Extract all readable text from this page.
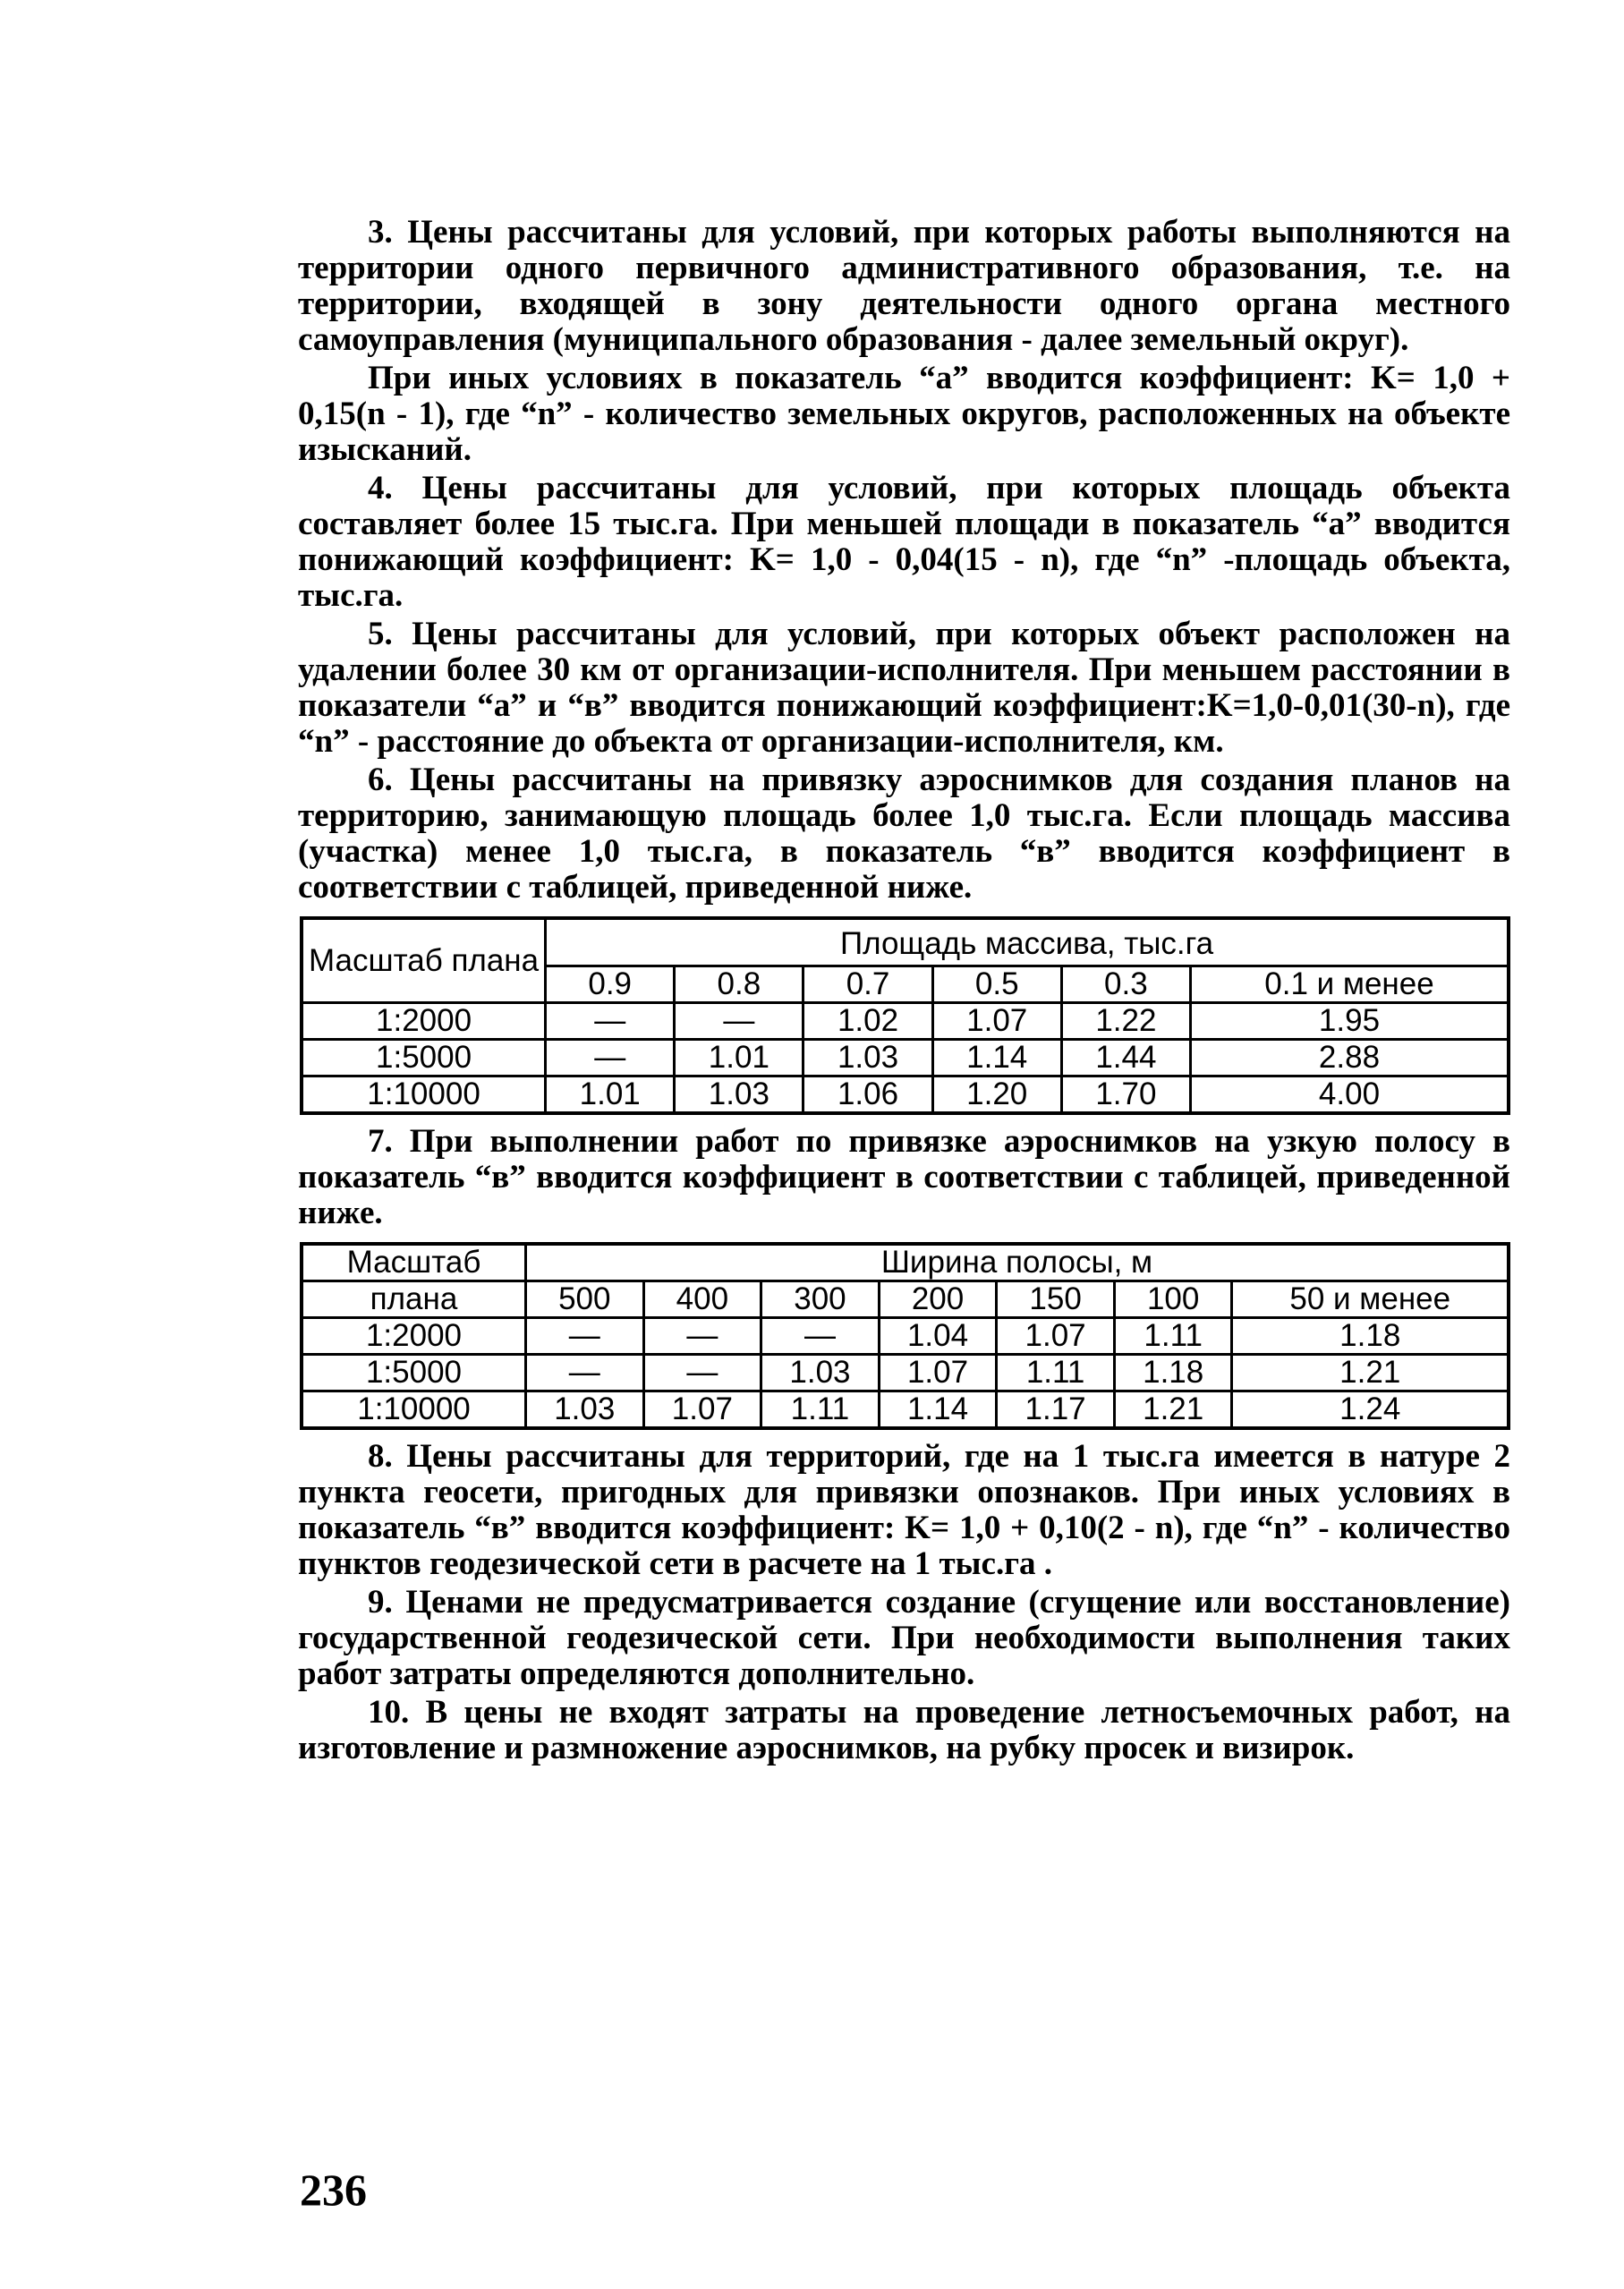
3. Цены рассчитаны для условий, при которых работы выполняются на территории одного первичного административного образования, т.е. на территории, входящей в зону деятельности одного органа местного самоуправления (муниципального образования - далее земельный округ).

При иных условиях в показатель “а” вводится коэффициент: K= 1,0 + 0,15(n - 1), где “n” - количество земельных округов, расположенных на объекте изысканий.

4. Цены рассчитаны для условий, при которых площадь объекта составляет более 15 тыс.га. При меньшей площади в показатель “а” вводится понижающий коэффициент: K= 1,0 - 0,04(15 - n), где “n” -площадь объекта, тыс.га.

5. Цены рассчитаны для условий, при которых объект расположен на удалении более 30 км от организации-исполнителя. При меньшем расстоянии в показатели “а” и “в” вводится понижающий коэффициент:K=1,0-0,01(30-n), где “n” - расстояние до объекта от организации-исполнителя, км.

6. Цены рассчитаны на привязку аэроснимков для создания планов на территорию, занимающую площадь более 1,0 тыс.га. Если площадь массива (участка) менее 1,0 тыс.га, в показатель “в” вводится коэффициент в соответствии с таблицей, приведенной ниже.

Масштаб плана	Площадь массива, тыс.га					
	0.9	0.8	0.7	0.5	0.3	0.1 и менее
1:2000	—	—	1.02	1.07	1.22	1.95
1:5000	—	1.01	1.03	1.14	1.44	2.88
1:10000	1.01	1.03	1.06	1.20	1.70	4.00

7. При выполнении работ по привязке аэроснимков на узкую полосу в показатель “в” вводится коэффициент в соответствии с таблицей, приведенной ниже.

Масштаб	Ширина полосы, м						
плана	500	400	300	200	150	100	50 и менее
1:2000	—	—	—	1.04	1.07	1.11	1.18
1:5000	—	—	1.03	1.07	1.11	1.18	1.21
1:10000	1.03	1.07	1.11	1.14	1.17	1.21	1.24

8. Цены рассчитаны для территорий, где на 1 тыс.га имеется в натуре 2 пункта геосети, пригодных для привязки опознаков. При иных условиях в показатель “в” вводится коэффициент: K= 1,0 + 0,10(2 - n), где “n” - количество пунктов геодезической сети в расчете на 1 тыс.га .

9. Ценами не предусматривается создание (сгущение или восстановление) государственной геодезической сети. При необходимости выполнения таких работ затраты определяются дополнительно.

10. В цены не входят затраты на проведение летносъемочных работ, на изготовление и размножение аэроснимков, на рубку просек и визирок.

236
